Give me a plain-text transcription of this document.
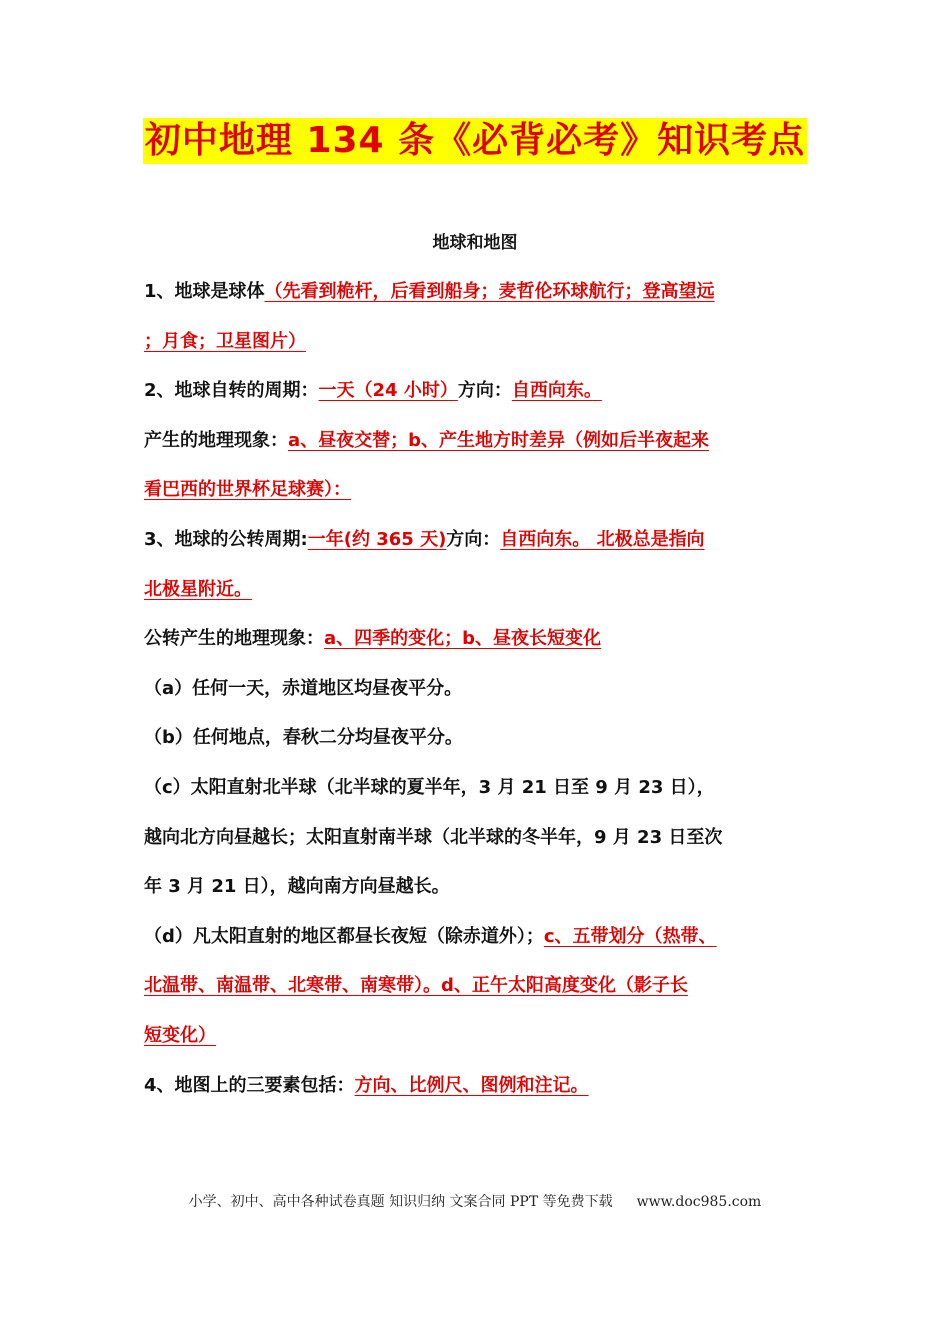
初中地理 134 条《必背必考》知识考点
地球和地图
1、地球是球体（先看到桅杆，后看到船身；麦哲伦环球航行；登高望远
；月食；卫星图片）
2、地球自转的周期：一天（24 小时）方向：自西向东。
产生的地理现象：a、昼夜交替；b、产生地方时差异（例如后半夜起来
看巴西的世界杯足球赛）：
3、地球的公转周期:一年(约 365 天)方向：自西向东。 北极总是指向
北极星附近。
公转产生的地理现象：a、四季的变化；b、昼夜长短变化
（a）任何一天，赤道地区均昼夜平分。
（b）任何地点，春秋二分均昼夜平分。
（c）太阳直射北半球（北半球的夏半年，3 月 21 日至 9 月 23 日），
越向北方向昼越长；太阳直射南半球（北半球的冬半年，9 月 23 日至次
年 3 月 21 日），越向南方向昼越长。
（d）凡太阳直射的地区都昼长夜短（除赤道外）；c、五带划分（热带、
北温带、南温带、北寒带、南寒带）。d、正午太阳高度变化（影子长
短变化）
4、地图上的三要素包括：方向、比例尺、图例和注记。
小学、初中、高中各种试卷真题 知识归纳 文案合同 PPT 等免费下载 www.doc985.com
